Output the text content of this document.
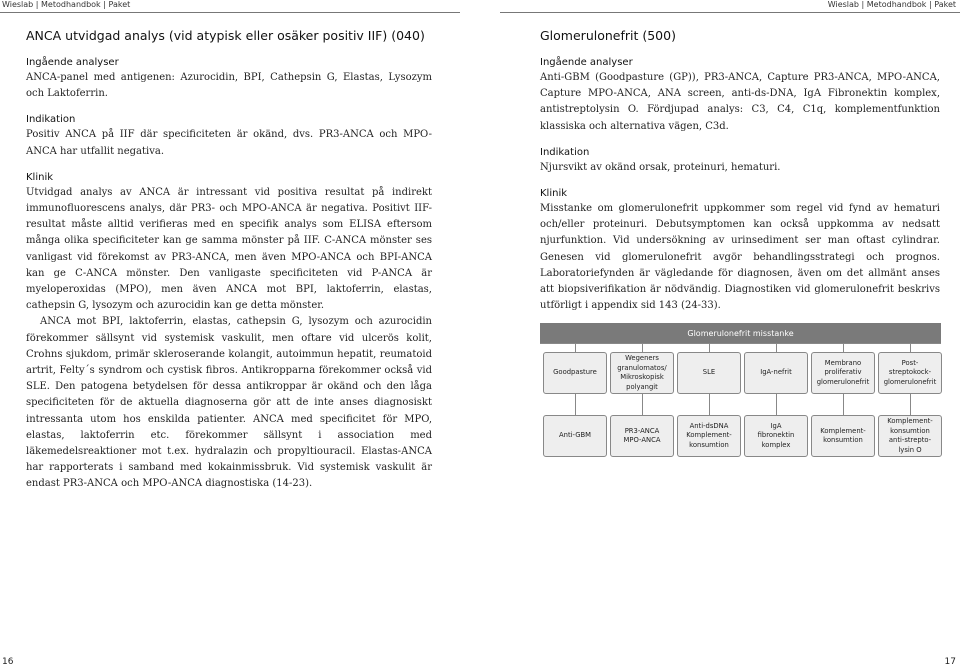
Wieslab | Metodhandbok | Paket	Wieslab | Metodhandbok | Paket
ANCA utvidgad analys (vid atypisk eller osäker positiv IIF) (040)
Ingående analyser

ANCA-panel med antigenen: Azurocidin, BPI, Cathepsin G, Elastas, Lysozym och Laktoferrin.

Indikation

Positiv ANCA på IIF där specificiteten är okänd, dvs. PR3-ANCA och MPO-ANCA har utfallit negativa.

Klinik

Utvidgad analys av ANCA är intressant vid positiva resultat på indirekt immunofluorescens analys, där PR3- och MPO-ANCA är negativa. Positivt IIF-resultat måste alltid verifieras med en specifik analys som ELISA eftersom många olika specificiteter kan ge samma mönster på IIF. C-ANCA mönster ses vanligast vid förekomst av PR3-ANCA, men även MPO-ANCA och BPI-ANCA kan ge C-ANCA mönster. Den vanligaste specificiteten vid P-ANCA är myeloperoxidas (MPO), men även ANCA mot BPI, laktoferrin, elastas, cathepsin G, lysozym och azurocidin kan ge detta mönster.

ANCA mot BPI, laktoferrin, elastas, cathepsin G, lysozym och azurocidin förekommer sällsynt vid systemisk vaskulit, men oftare vid ulcerös kolit, Crohns sjukdom, primär skleroserande kolangit, autoimmun hepatit, reumatoid artrit, Felty´s syndrom och cystisk fibros. Antikropparna förekommer också vid SLE. Den patogena betydelsen för dessa antikroppar är okänd och den låga specificiteten för de aktuella diagnoserna gör att de inte anses diagnosiskt intressanta utom hos enskilda patienter. ANCA med specificitet för MPO, elastas, laktoferrin etc. förekommer sällsynt i association med läkemedelsreaktioner mot t.ex. hydralazin och propyltiouracil. Elastas-ANCA har rapporterats i samband med kokainmissbruk. Vid systemisk vaskulit är endast PR3-ANCA och MPO-ANCA diagnostiska (14-23).

Glomerulonefrit (500)
Ingående analyser

Anti-GBM (Goodpasture (GP)), PR3-ANCA, Capture PR3-ANCA, MPO-ANCA, Capture MPO-ANCA, ANA screen, anti-ds-DNA, IgA Fibronektin komplex, antistreptolysin O. Fördjupad analys: C3, C4, C1q, komplementfunktion klassiska och alternativa vägen, C3d.

Indikation

Njursvikt av okänd orsak, proteinuri, hematuri.

Klinik

Misstanke om glomerulonefrit uppkommer som regel vid fynd av hematuri och/eller proteinuri. Debutsymptomen kan också uppkomma av nedsatt njurfunktion. Vid undersökning av urinsediment ser man oftast cylindrar. Genesen vid glomerulonefrit avgör behandlingsstrategi och prognos. Laboratoriefynden är vägledande för diagnosen, även om det allmänt anses att biopsiverifikation är nödvändig. Diagnostiken vid glomerulonefrit beskrivs utförligt i appendix sid 143 (24-33).

Glomerulonefrit misstanke
Goodpasture
Wegeners
granulomatos/
Mikroskopisk
polyangit
SLE	IgA-nefrit
Membrano
proliferativ
glomerulonefrit
Post-
streptokock-
glomerulonefrit
Anti-GBM
PR3-ANCA
MPO-ANCA
Anti-dsDNA
Komplement-
konsumtion
IgA
fibronektin
komplex
Komplement-
konsumtion
Komplement-
konsumtion
anti-strepto-
lysin O
16	17
